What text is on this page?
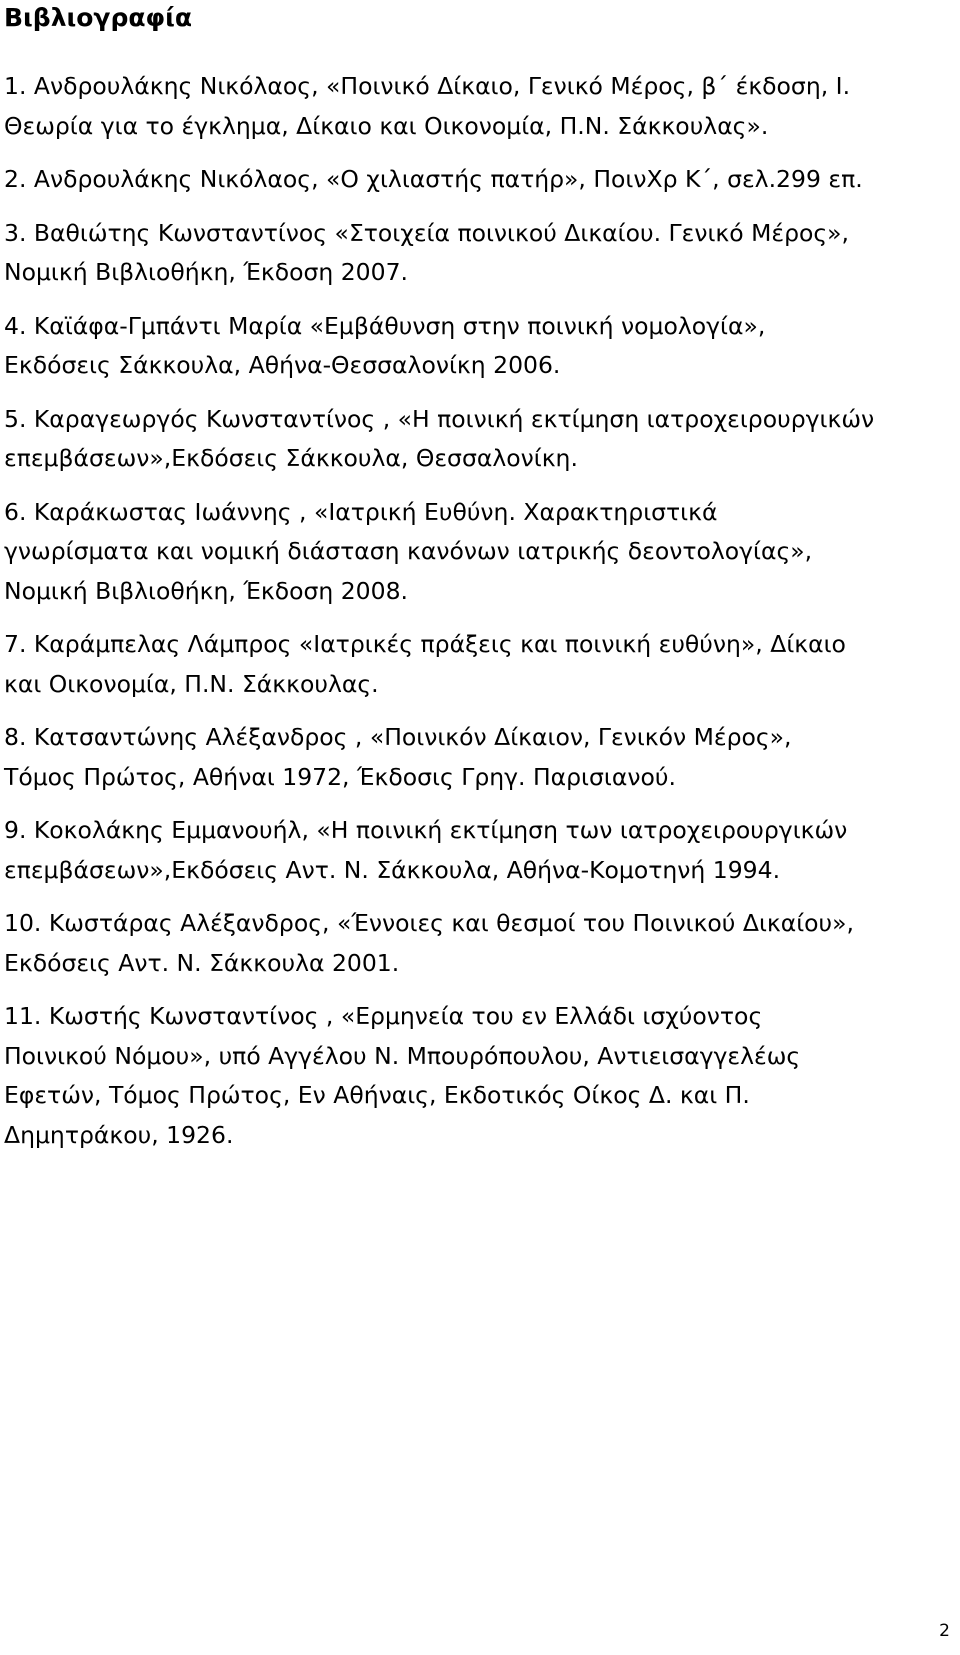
Βιβλιογραφία
1. Ανδρουλάκης Νικόλαος, «Ποινικό Δίκαιο, Γενικό Μέρος, β΄ έκδοση, Ι.
Θεωρία για το έγκλημα, Δίκαιο και Οικονομία, Π.Ν. Σάκκουλας».
2. Ανδρουλάκης Νικόλαος, «Ο χιλιαστής πατήρ», ΠοινΧρ Κ΄, σελ.299 επ.
3. Βαθιώτης Κωνσταντίνος «Στοιχεία ποινικού Δικαίου. Γενικό Μέρος»,
Νομική Βιβλιοθήκη, Έκδοση 2007.
4. Καϊάφα-Γμπάντι Μαρία «Εμβάθυνση στην ποινική νομολογία»,
Εκδόσεις Σάκκουλα, Αθήνα-Θεσσαλονίκη 2006.
5. Καραγεωργός Κωνσταντίνος , «Η ποινική εκτίμηση ιατροχειρουργικών
επεμβάσεων»,Εκδόσεις Σάκκουλα, Θεσσαλονίκη.
6. Καράκωστας Ιωάννης , «Ιατρική Ευθύνη. Χαρακτηριστικά
γνωρίσματα και νομική διάσταση κανόνων ιατρικής δεοντολογίας»,
Νομική Βιβλιοθήκη, Έκδοση 2008.
7. Καράμπελας Λάμπρος «Ιατρικές πράξεις και ποινική ευθύνη», Δίκαιο
και Οικονομία, Π.Ν. Σάκκουλας.
8. Κατσαντώνης Αλέξανδρος , «Ποινικόν Δίκαιον, Γενικόν Μέρος»,
Τόμος Πρώτος, Αθήναι 1972, Έκδοσις Γρηγ. Παρισιανού.
9. Κοκολάκης Εμμανουήλ, «Η ποινική εκτίμηση των ιατροχειρουργικών
επεμβάσεων»,Εκδόσεις Αντ. Ν. Σάκκουλα, Αθήνα-Κομοτηνή 1994.
10. Κωστάρας Αλέξανδρος, «Έννοιες και θεσμοί του Ποινικού Δικαίου»,
Εκδόσεις Αντ. Ν. Σάκκουλα 2001.
11. Κωστής Κωνσταντίνος , «Ερμηνεία του εν Ελλάδι ισχύοντος
Ποινικού Νόμου», υπό Αγγέλου Ν. Μπουρόπουλου, Αντιεισαγγελέως
Εφετών, Τόμος Πρώτος, Εν Αθήναις, Εκδοτικός Οίκος Δ. και Π.
Δημητράκου, 1926.
2
